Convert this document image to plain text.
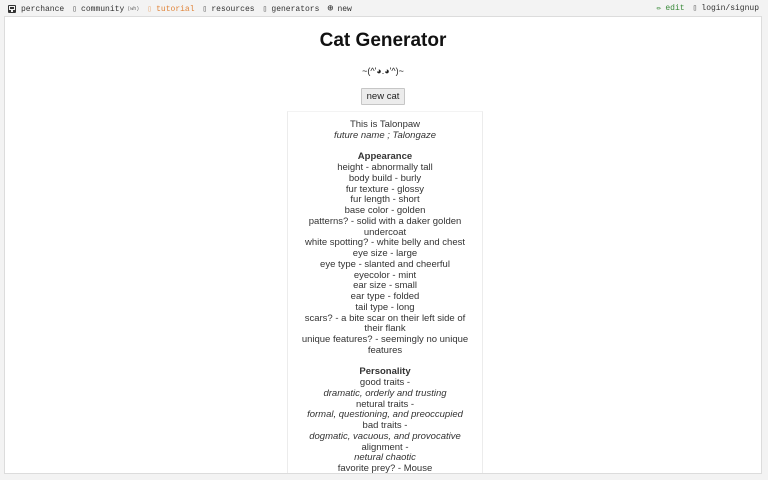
perchance ▯ community (wh) ▯ tutorial ▯ resources ▯ generators ⊕ new	✏ edit ▯ login/signup
Cat Generator
~(^'◕.◕'^)~
new cat
This is Talonpaw
future name ; Talongaze
Appearance
height - abnormally tall
body build - burly
fur texture - glossy
fur length - short
base color - golden
patterns? - solid with a daker golden
undercoat
white spotting? - white belly and chest
eye size - large
eye type - slanted and cheerful
eyecolor - mint
ear size - small
ear type - folded
tail type - long
scars? - a bite scar on their left side of
their flank
unique features? - seemingly no unique
features
Personality
good traits -
dramatic, orderly and trusting
netural traits -
formal, questioning, and preoccupied
bad traits -
dogmatic, vacuous, and provocative
alignment -
netural chaotic
favorite prey? - Mouse
